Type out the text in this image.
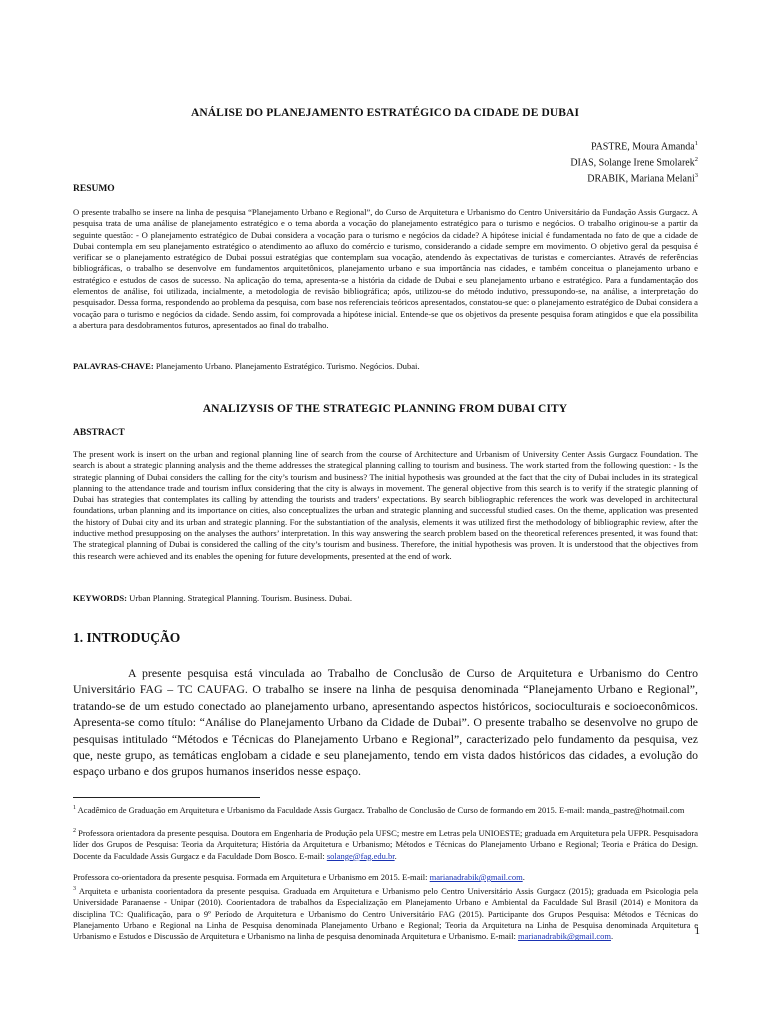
ANÁLISE DO PLANEJAMENTO ESTRATÉGICO DA CIDADE DE DUBAI
PASTRE, Moura Amanda$^1$
DIAS, Solange Irene Smolarek$^2$
DRABIK, Mariana Melani$^3$
RESUMO

O presente trabalho se insere na linha de pesquisa “Planejamento Urbano e Regional”, do Curso de Arquitetura e Urbanismo do Centro Universitário da Fundação Assis Gurgacz. A pesquisa trata de uma análise de planejamento estratégico e o tema aborda a vocação do planejamento estratégico para o turismo e negócios. O trabalho originou-se a partir da seguinte questão: - O planejamento estratégico de Dubai considera a vocação para o turismo e negócios da cidade? A hipótese inicial é fundamentada no fato de que a cidade de Dubai contempla em seu planejamento estratégico o atendimento ao afluxo do comércio e turismo, considerando a cidade sempre em movimento. O objetivo geral da pesquisa é verificar se o planejamento estratégico de Dubai possui estratégias que contemplam sua vocação, atendendo às expectativas de turistas e comerciantes. Através de referências bibliográficas, o trabalho se desenvolve em fundamentos arquitetônicos, planejamento urbano e sua importância nas cidades, e também conceitua o planejamento urbano e estratégico e estudos de casos de sucesso. Na aplicação do tema, apresenta-se a história da cidade de Dubai e seu planejamento urbano e estratégico. Para a fundamentação dos elementos de análise, foi utilizada, incialmente, a metodologia de revisão bibliográfica; após, utilizou-se do método indutivo, pressupondo-se, na análise, a interpretação do pesquisador. Dessa forma, respondendo ao problema da pesquisa, com base nos referenciais teóricos apresentados, constatou-se que: o planejamento estratégico de Dubai considera a vocação para o turismo e negócios da cidade. Sendo assim, foi comprovada a hipótese inicial. Entende-se que os objetivos da presente pesquisa foram atingidos e que ela possibilita a abertura para desdobramentos futuros, apresentados ao final do trabalho.

PALAVRAS-CHAVE: Planejamento Urbano. Planejamento Estratégico. Turismo. Negócios. Dubai.

ANALIZYSIS OF THE STRATEGIC PLANNING FROM DUBAI CITY
ABSTRACT

The present work is insert on the urban and regional planning line of search from the course of Architecture and Urbanism of University Center Assis Gurgacz Foundation. The search is about a strategic planning analysis and the theme addresses the strategical planning calling to tourism and business. The work started from the following question: - Is the strategic planning of Dubai considers the calling for the city’s tourism and business? The initial hypothesis was grounded at the fact that the city of Dubai includes in its strategical planning to the attendance trade and tourism influx considering that the city is always in movement. The general objective from this search is to verify if the strategic planning of Dubai has strategies that contemplates its calling by attending the tourists and traders’ expectations. By search bibliographic references the work was developed in architectural foundations, urban planning and its importance on cities, also conceptualizes the urban and strategic planning and successful studied cases. On the theme, application was presented the history of Dubai city and its urban and strategic planning. For the substantiation of the analysis, elements it was utilized first the methodology of bibliographic review, after the inductive method presupposing on the analyses the authors’ interpretation. In this way answering the search problem based on the theoretical references presented, it was found that: The strategical planning of Dubai is considered the calling of the city’s tourism and business. Therefore, the initial hypothesis was proven. It is understood that the objectives from this research were achieved and its enables the opening for future developments, presented at the end of work.

KEYWORDS: Urban Planning. Strategical Planning. Tourism. Business. Dubai.

1. INTRODUÇÃO

A presente pesquisa está vinculada ao Trabalho de Conclusão de Curso de Arquitetura e Urbanismo do Centro Universitário FAG – TC CAUFAG. O trabalho se insere na linha de pesquisa denominada “Planejamento Urbano e Regional”, tratando-se de um estudo conectado ao planejamento urbano, apresentando aspectos históricos, socioculturais e socioeconômicos. Apresenta-se como título: “Análise do Planejamento Urbano da Cidade de Dubai”. O presente trabalho se desenvolve no grupo de pesquisas intitulado “Métodos e Técnicas do Planejamento Urbano e Regional”, caracterizado pelo fundamento da pesquisa, vez que, neste grupo, as temáticas englobam a cidade e seu planejamento, tendo em vista dados históricos das cidades, a evolução do espaço urbano e dos grupos humanos inseridos nesse espaço.

$^1$ Acadêmico de Graduação em Arquitetura e Urbanismo da Faculdade Assis Gurgacz. Trabalho de Conclusão de Curso de formando em 2015. E-mail: manda_pastre@hotmail.com

$^2$ Professora orientadora da presente pesquisa. Doutora em Engenharia de Produção pela UFSC; mestre em Letras pela UNIOESTE; graduada em Arquitetura pela UFPR. Pesquisadora líder dos Grupos de Pesquisa: Teoria da Arquitetura; História da Arquitetura e Urbanismo; Métodos e Técnicas do Planejamento Urbano e Regional; Teoria e Prática do Design. Docente da Faculdade Assis Gurgacz e da Faculdade Dom Bosco. E-mail: solange@fag.edu.br.

Professora co-orientadora da presente pesquisa. Formada em Arquitetura e Urbanismo em 2015. E-mail: marianadrabik@gmail.com.

$^3$ Arquiteta e urbanista coorientadora da presente pesquisa. Graduada em Arquitetura e Urbanismo pelo Centro Universitário Assis Gurgacz (2015); graduada em Psicologia pela Universidade Paranaense - Unipar (2010). Coorientadora de trabalhos da Especialização em Planejamento Urbano e Ambiental da Faculdade Sul Brasil (2014) e Monitora da disciplina TC: Qualificação, para o 9º Período de Arquitetura e Urbanismo do Centro Universitário FAG (2015). Participante dos Grupos Pesquisa: Métodos e Técnicas do Planejamento Urbano e Regional na Linha de Pesquisa denominada Planejamento Urbano e Regional; Teoria da Arquitetura na Linha de Pesquisa denominada Arquitetura e Urbanismo e Estudos e Discussão de Arquitetura e Urbanismo na linha de pesquisa denominada Arquitetura e Urbanismo. E-mail: marianadrabik@gmail.com.	1
